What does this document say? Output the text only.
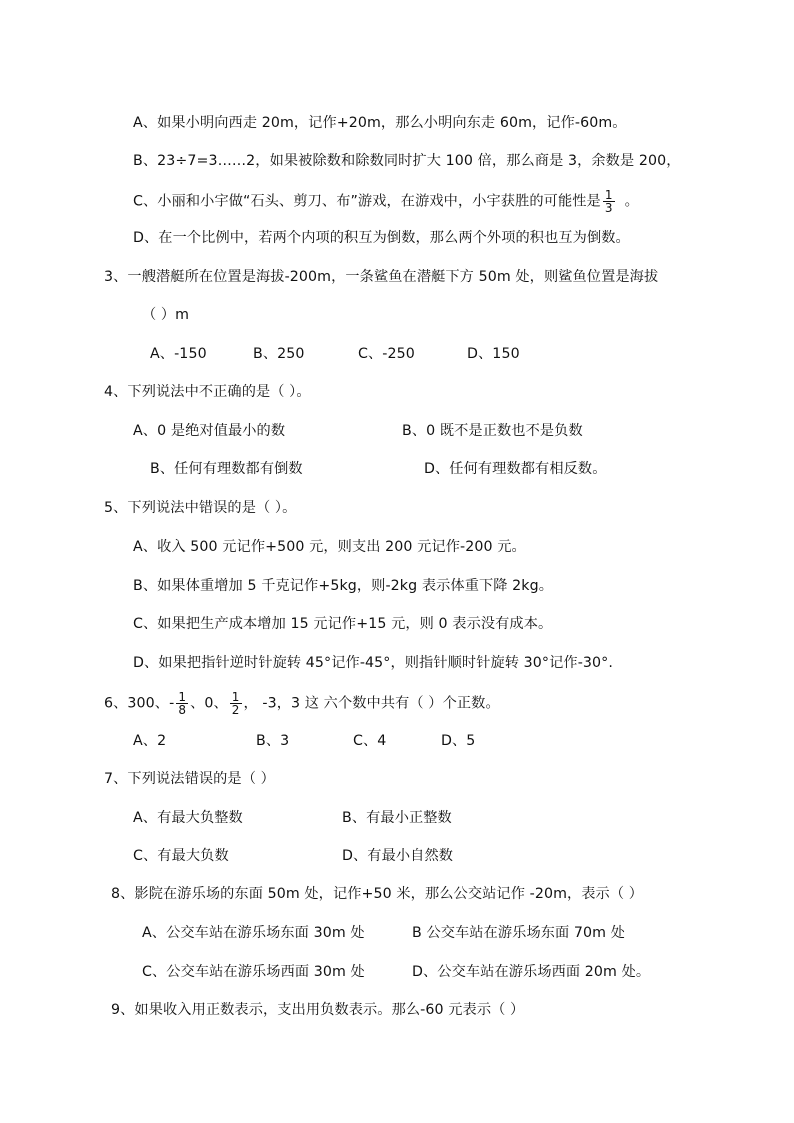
A、如果小明向西走 20m，记作+20m，那么小明向东走 60m，记作-60m。
B、23÷7=3……2，如果被除数和除数同时扩大 100 倍，那么商是 3，余数是 200，
C、小丽和小宇做“石头、剪刀、布”游戏，在游戏中，小宇获胜的可能性是 $\frac{1}{3}$ 。
D、在一个比例中，若两个内项的积互为倒数，那么两个外项的积也互为倒数。
3、一艘潜艇所在位置是海拔-200m，一条鲨鱼在潜艇下方 50m 处，则鲨鱼位置是海拔
（ ）m
A、-150	B、250	C、-250	D、150
4、下列说法中不正确的是（ ）。
A、0 是绝对值最小的数	B、0 既不是正数也不是负数
B、任何有理数都有倒数	D、任何有理数都有相反数。
5、下列说法中错误的是（ ）。
A、收入 500 元记作+500 元，则支出 200 元记作-200 元。
B、如果体重增加 5 千克记作+5kg，则-2kg 表示体重下降 2kg。
C、如果把生产成本增加 15 元记作+15 元，则 0 表示没有成本。
D、如果把指针逆时针旋转 45°记作-45°，则指针顺时针旋转 30°记作-30°.
6、300、- $\frac{1}{8}$ 、0、 $\frac{1}{2}$ ， -3，3 这 六个数中共有（ ）个正数。
A、2	B、3	C、4	D、5
7、下列说法错误的是（ ）
A、有最大负整数	B、有最小正整数
C、有最大负数	D、有最小自然数
8、影院在游乐场的东面 50m 处，记作+50 米，那么公交站记作 -20m，表示（ ）
A、公交车站在游乐场东面 30m 处	B 公交车站在游乐场东面 70m 处
C、公交车站在游乐场西面 30m 处	D、公交车站在游乐场西面 20m 处。
9、如果收入用正数表示，支出用负数表示。那么-60 元表示（ ）
